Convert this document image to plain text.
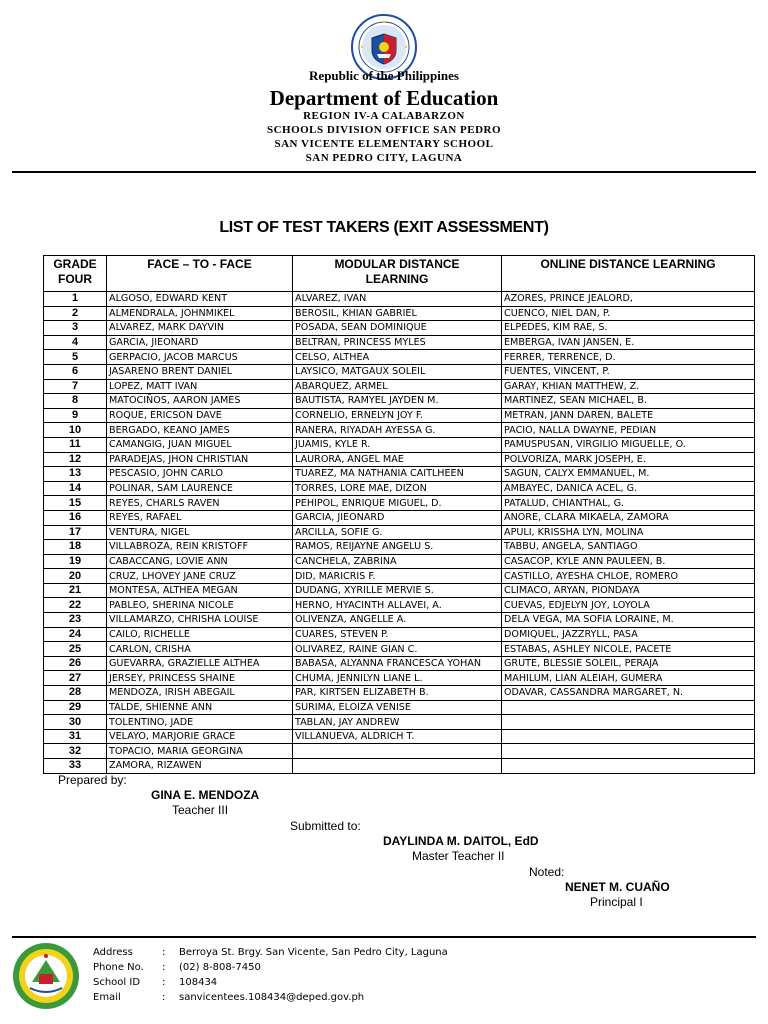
Republic of the Philippines
Department of Education
REGION IV-A CALABARZON
SCHOOLS DIVISION OFFICE SAN PEDRO
SAN VICENTE ELEMENTARY SCHOOL
SAN PEDRO CITY, LAGUNA
LIST OF TEST TAKERS (EXIT ASSESSMENT)
GRADE FOUR	FACE – TO - FACE	MODULAR DISTANCE LEARNING	ONLINE DISTANCE LEARNING
1	ALGOSO, EDWARD KENT	ALVAREZ, IVAN	AZORES, PRINCE JEALORD,
2	ALMENDRALA, JOHNMIKEL	BEROSIL, KHIAN GABRIEL	CUENCO, NIEL DAN, P.
3	ALVAREZ, MARK DAYVIN	POSADA, SEAN DOMINIQUE	ELPEDES, KIM RAE, S.
4	GARCIA, JIEONARD	BELTRAN, PRINCESS MYLES	EMBERGA, IVAN JANSEN, E.
5	GERPACIO, JACOB MARCUS	CELSO, ALTHEA	FERRER, TERRENCE, D.
6	JASARENO BRENT DANIEL	LAYSICO, MATGAUX SOLEIL	FUENTES, VINCENT, P.
7	LOPEZ, MATT IVAN	ABARQUEZ, ARMEL	GARAY, KHIAN MATTHEW, Z.
8	MATOCIÑOS, AARON JAMES	BAUTISTA, RAMYEL JAYDEN M.	MARTINEZ, SEAN MICHAEL, B.
9	ROQUE, ERICSON DAVE	CORNELIO, ERNELYN JOY F.	METRAN, JANN DAREN, BALETE
10	BERGADO, KEANO JAMES	RANERA, RIYADAH AYESSA G.	PACIO, NALLA DWAYNE, PEDIAN
11	CAMANGIG, JUAN MIGUEL	JUAMIS, KYLE R.	PAMUSPUSAN, VIRGILIO MIGUELLE, O.
12	PARADEJAS, JHON CHRISTIAN	LAURORA, ANGEL MAE	POLVORIZA, MARK JOSEPH, E.
13	PESCASIO, JOHN CARLO	TUAREZ, MA NATHANIA CAITLHEEN	SAGUN, CALYX EMMANUEL, M.
14	POLINAR, SAM LAURENCE	TORRES, LORE MAE, DIZON	AMBAYEC, DANICA ACEL, G.
15	REYES, CHARLS RAVEN	PEHIPOL, ENRIQUE MIGUEL, D.	PATALUD, CHIANTHAL, G.
16	REYES, RAFAEL	GARCIA, JIEONARD	ANORE, CLARA MIKAELA, ZAMORA
17	VENTURA, NIGEL	ARCILLA, SOFIE G.	APULI, KRISSHA LYN, MOLINA
18	VILLABROZA, REIN KRISTOFF	RAMOS, REIJAYNE ANGELU S.	TABBU, ANGELA, SANTIAGO
19	CABACCANG, LOVIE ANN	CANCHELA, ZABRINA	CASACOP, KYLE ANN PAULEEN, B.
20	CRUZ, LHOVEY JANE CRUZ	DID, MARICRIS F.	CASTILLO, AYESHA CHLOE, ROMERO
21	MONTESA, ALTHEA MEGAN	DUDANG, XYRILLE MERVIE S.	CLIMACO, ARYAN, PIONDAYA
22	PABLEO, SHERINA NICOLE	HERNO, HYACINTH ALLAVEI, A.	CUEVAS, EDJELYN JOY, LOYOLA
23	VILLAMARZO, CHRISHA LOUISE	OLIVENZA, ANGELLE A.	DELA VEGA, MA SOFIA LORAINE, M.
24	CAILO, RICHELLE	CUARES, STEVEN P.	DOMIQUEL, JAZZRYLL, PASA
25	CARLON, CRISHA	OLIVAREZ, RAINE GIAN C.	ESTABAS, ASHLEY NICOLE, PACETE
26	GUEVARRA, GRAZIELLE ALTHEA	BABASA, ALYANNA FRANCESCA YOHAN	GRUTE, BLESSIE SOLEIL, PERAJA
27	JERSEY, PRINCESS SHAINE	CHUMA, JENNILYN LIANE L.	MAHILUM, LIAN ALEIAH, GUMERA
28	MENDOZA, IRISH ABEGAIL	PAR, KIRTSEN ELIZABETH B.	ODAVAR, CASSANDRA MARGARET, N.
29	TALDE, SHIENNE ANN	SURIMA, ELOIZA VENISE	
30	TOLENTINO, JADE	TABLAN, JAY ANDREW	
31	VELAYO, MARJORIE GRACE	VILLANUEVA, ALDRICH T.	
32	TOPACIO, MARIA GEORGINA		
33	ZAMORA, RIZAWEN		
Prepared by:
GINA E. MENDOZA
Teacher III
Submitted to:
DAYLINDA M. DAITOL, EdD
Master Teacher II
Noted:
NENET M. CUAÑO
Principal I
Address	: Berroya St. Brgy. San Vicente, San Pedro City, Laguna
Phone No. : (02) 8-808-7450
School ID : 108434
Email	: sanvicentees.108434@deped.gov.ph
